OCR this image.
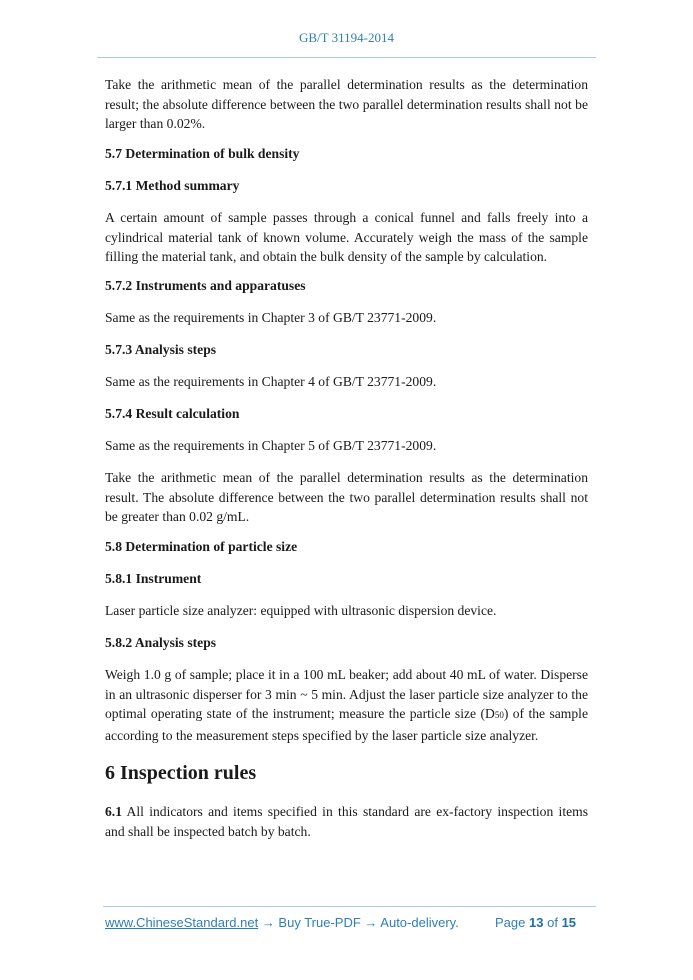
GB/T 31194-2014

Take the arithmetic mean of the parallel determination results as the determination result; the absolute difference between the two parallel determination results shall not be larger than 0.02%.

5.7 Determination of bulk density

5.7.1 Method summary

A certain amount of sample passes through a conical funnel and falls freely into a cylindrical material tank of known volume. Accurately weigh the mass of the sample filling the material tank, and obtain the bulk density of the sample by calculation.

5.7.2 Instruments and apparatuses

Same as the requirements in Chapter 3 of GB/T 23771-2009.

5.7.3 Analysis steps

Same as the requirements in Chapter 4 of GB/T 23771-2009.

5.7.4 Result calculation

Same as the requirements in Chapter 5 of GB/T 23771-2009.

Take the arithmetic mean of the parallel determination results as the determination result. The absolute difference between the two parallel determination results shall not be greater than 0.02 g/mL.

5.8 Determination of particle size

5.8.1 Instrument

Laser particle size analyzer: equipped with ultrasonic dispersion device.

5.8.2 Analysis steps

Weigh 1.0 g of sample; place it in a 100 mL beaker; add about 40 mL of water. Disperse in an ultrasonic disperser for 3 min ~ 5 min. Adjust the laser particle size analyzer to the optimal operating state of the instrument; measure the particle size (D50) of the sample according to the measurement steps specified by the laser particle size analyzer.

6 Inspection rules

6.1 All indicators and items specified in this standard are ex-factory inspection items and shall be inspected batch by batch.

www.ChineseStandard.net → Buy True-PDF → Auto-delivery.	Page 13 of 15
